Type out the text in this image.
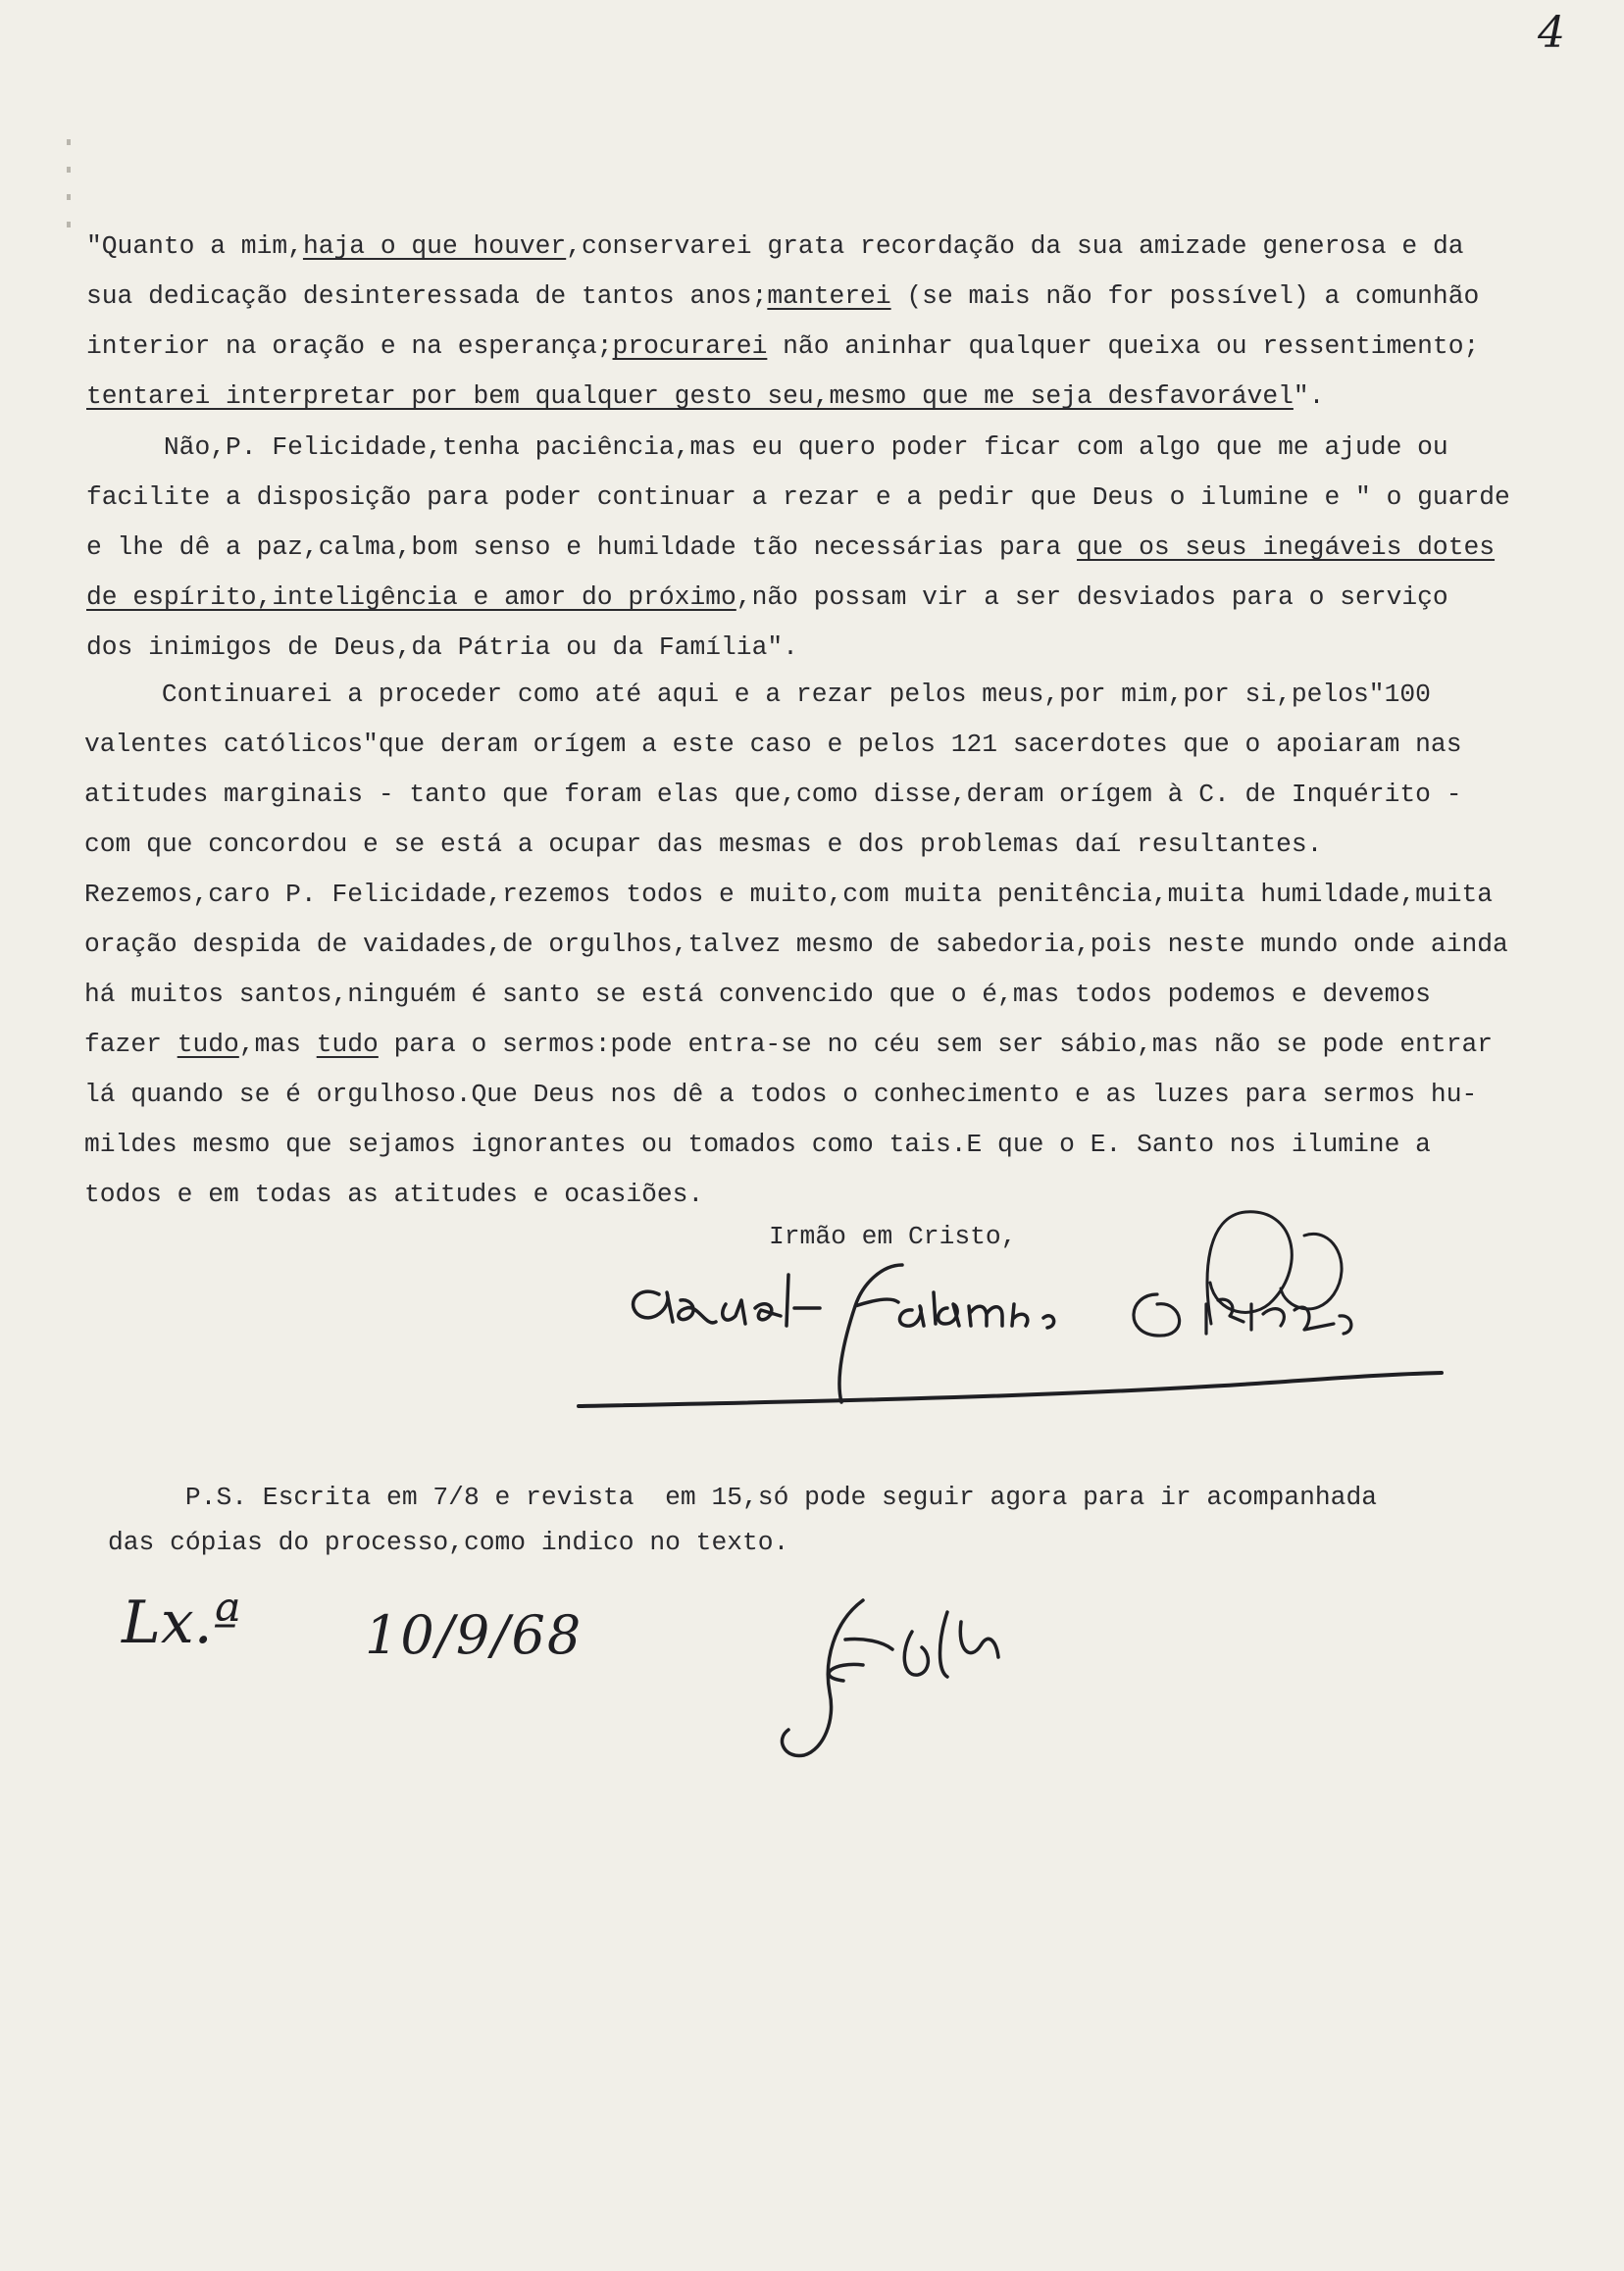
4
"Quanto a mim,haja o que houver,conservarei grata recordação da sua amizade generosa e da
sua dedicação desinteressada de tantos anos;manterei (se mais não for possível) a comunhão
interior na oração e na esperança;procurarei não aninhar qualquer queixa ou ressentimento;
tentarei interpretar por bem qualquer gesto seu,mesmo que me seja desfavorável".
Não,P. Felicidade,tenha paciência,mas eu quero poder ficar com algo que me ajude ou
facilite a disposição para poder continuar a rezar e a pedir que Deus o ilumine e " o guarde
e lhe dê a paz,calma,bom senso e humildade tão necessárias para que os seus inegáveis dotes
de espírito,inteligência e amor do próximo,não possam vir a ser desviados para o serviço
dos inimigos de Deus,da Pátria ou da Família".
Continuarei a proceder como até aqui e a rezar pelos meus,por mim,por si,pelos"100
valentes católicos"que deram orígem a este caso e pelos 121 sacerdotes que o apoiaram nas
atitudes marginais - tanto que foram elas que,como disse,deram orígem à C. de Inquérito -
com que concordou e se está a ocupar das mesmas e dos problemas daí resultantes.
Rezemos,caro P. Felicidade,rezemos todos e muito,com muita penitência,muita humildade,muita
oração despida de vaidades,de orgulhos,talvez mesmo de sabedoria,pois neste mundo onde ainda
há muitos santos,ninguém é santo se está convencido que o é,mas todos podemos e devemos
fazer tudo,mas tudo para o sermos:pode entra-se no céu sem ser sábio,mas não se pode entrar
lá quando se é orgulhoso.Que Deus nos dê a todos o conhecimento e as luzes para sermos hu-
mildes mesmo que sejamos ignorantes ou tomados como tais.E que o E. Santo nos ilumine a
todos e em todas as atitudes e ocasiões.
Irmão em Cristo,
P.S. Escrita em 7/8 e revista  em 15,só pode seguir agora para ir acompanhada
das cópias do processo,como indico no texto.
Lx.ª 10/9/68
